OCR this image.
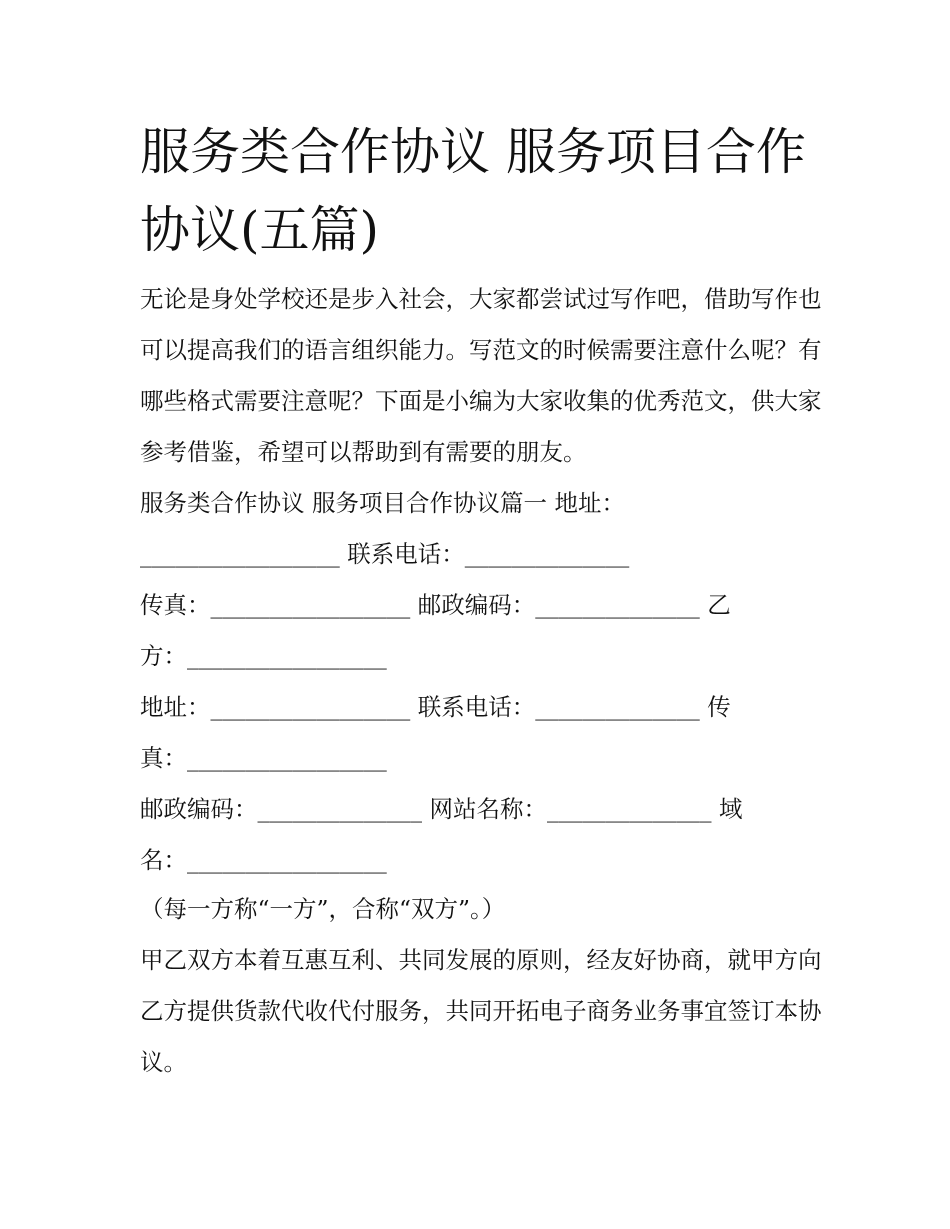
服务类合作协议 服务项目合作协议(五篇)

无论是身处学校还是步入社会，大家都尝试过写作吧，借助写作也可以提高我们的语言组织能力。写范文的时候需要注意什么呢？有哪些格式需要注意呢？下面是小编为大家收集的优秀范文，供大家参考借鉴，希望可以帮助到有需要的朋友。

服务类合作协议 服务项目合作协议篇一 地址：

_________________ 联系电话：______________

传真：_________________ 邮政编码：______________ 乙

方：_________________

地址：_________________ 联系电话：______________ 传

真：_________________

邮政编码：______________ 网站名称：______________ 域

名：_________________

（每一方称“一方”，合称“双方”。）

甲乙双方本着互惠互利、共同发展的原则，经友好协商，就甲方向乙方提供货款代收代付服务，共同开拓电子商务业务事宜签订本协议。
